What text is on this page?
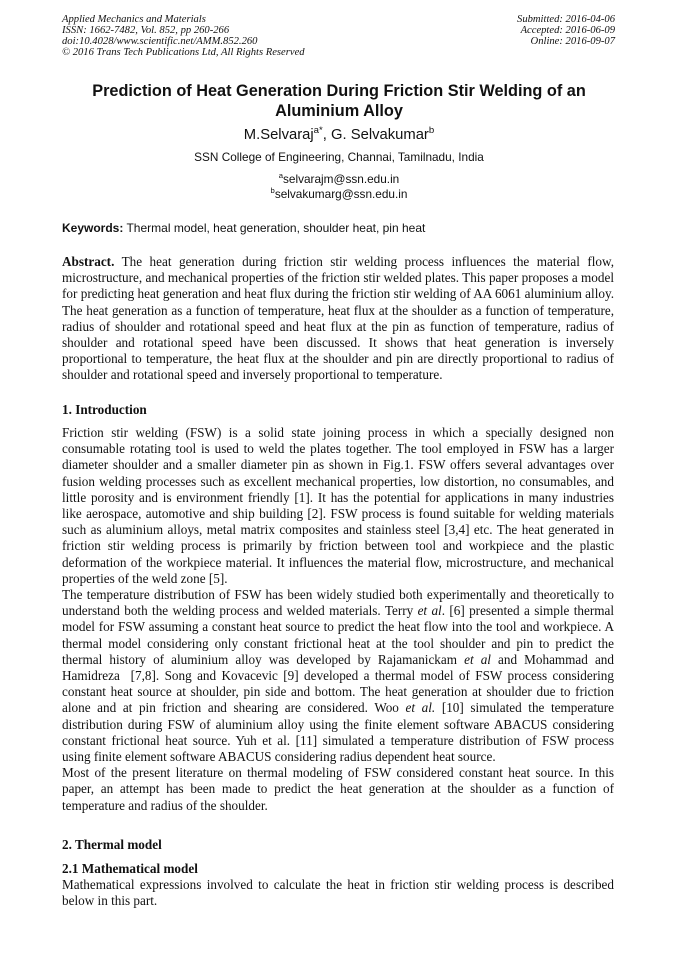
Applied Mechanics and Materials
ISSN: 1662-7482, Vol. 852, pp 260-266
doi:10.4028/www.scientific.net/AMM.852.260
© 2016 Trans Tech Publications Ltd, All Rights Reserved
Submitted: 2016-04-06
Accepted: 2016-06-09
Online: 2016-09-07
Prediction of Heat Generation During Friction Stir Welding of an
Aluminium Alloy
M.Selvaraj$^{a*}$, G. Selvakumar$^b$
SSN College of Engineering, Channai, Tamilnadu, India
$^a$selvarajm@ssn.edu.in
$^b$selvakumarg@ssn.edu.in
Keywords: Thermal model, heat generation, shoulder heat, pin heat

Abstract. The heat generation during friction stir welding process influences the material flow, microstructure, and mechanical properties of the friction stir welded plates. This paper proposes a model for predicting heat generation and heat flux during the friction stir welding of AA 6061 aluminium alloy. The heat generation as a function of temperature, heat flux at the shoulder as a function of temperature, radius of shoulder and rotational speed and heat flux at the pin as function of temperature, radius of shoulder and rotational speed have been discussed. It shows that heat generation is inversely proportional to temperature, the heat flux at the shoulder and pin are directly proportional to radius of shoulder and rotational speed and inversely proportional to temperature.

1. Introduction

Friction stir welding (FSW) is a solid state joining process in which a specially designed non consumable rotating tool is used to weld the plates together. The tool employed in FSW has a larger diameter shoulder and a smaller diameter pin as shown in Fig.1. FSW offers several advantages over fusion welding processes such as excellent mechanical properties, low distortion, no consumables, and little porosity and is environment friendly [1]. It has the potential for applications in many industries like aerospace, automotive and ship building [2]. FSW process is found suitable for welding materials such as aluminium alloys, metal matrix composites and stainless steel [3,4] etc. The heat generated in friction stir welding process is primarily by friction between tool and workpiece and the plastic deformation of the workpiece material. It influences the material flow, microstructure, and mechanical properties of the weld zone [5].

The temperature distribution of FSW has been widely studied both experimentally and theoretically to understand both the welding process and welded materials. Terry et al. [6] presented a simple thermal model for FSW assuming a constant heat source to predict the heat flow into the tool and workpiece. A thermal model considering only constant frictional heat at the tool shoulder and pin to predict the thermal history of aluminium alloy was developed by Rajamanickam et al and Mohammad and Hamidreza  [7,8]. Song and Kovacevic [9] developed a thermal model of FSW process considering constant heat source at shoulder, pin side and bottom. The heat generation at shoulder due to friction alone and at pin friction and shearing are considered. Woo et al. [10] simulated the temperature distribution during FSW of aluminium alloy using the finite element software ABACUS considering constant frictional heat source. Yuh et al. [11] simulated a temperature distribution of FSW process using finite element software ABACUS considering radius dependent heat source.

Most of the present literature on thermal modeling of FSW considered constant heat source. In this paper, an attempt has been made to predict the heat generation at the shoulder as a function of temperature and radius of the shoulder.

2. Thermal model
2.1 Mathematical model

Mathematical expressions involved to calculate the heat in friction stir welding process is described below in this part.
